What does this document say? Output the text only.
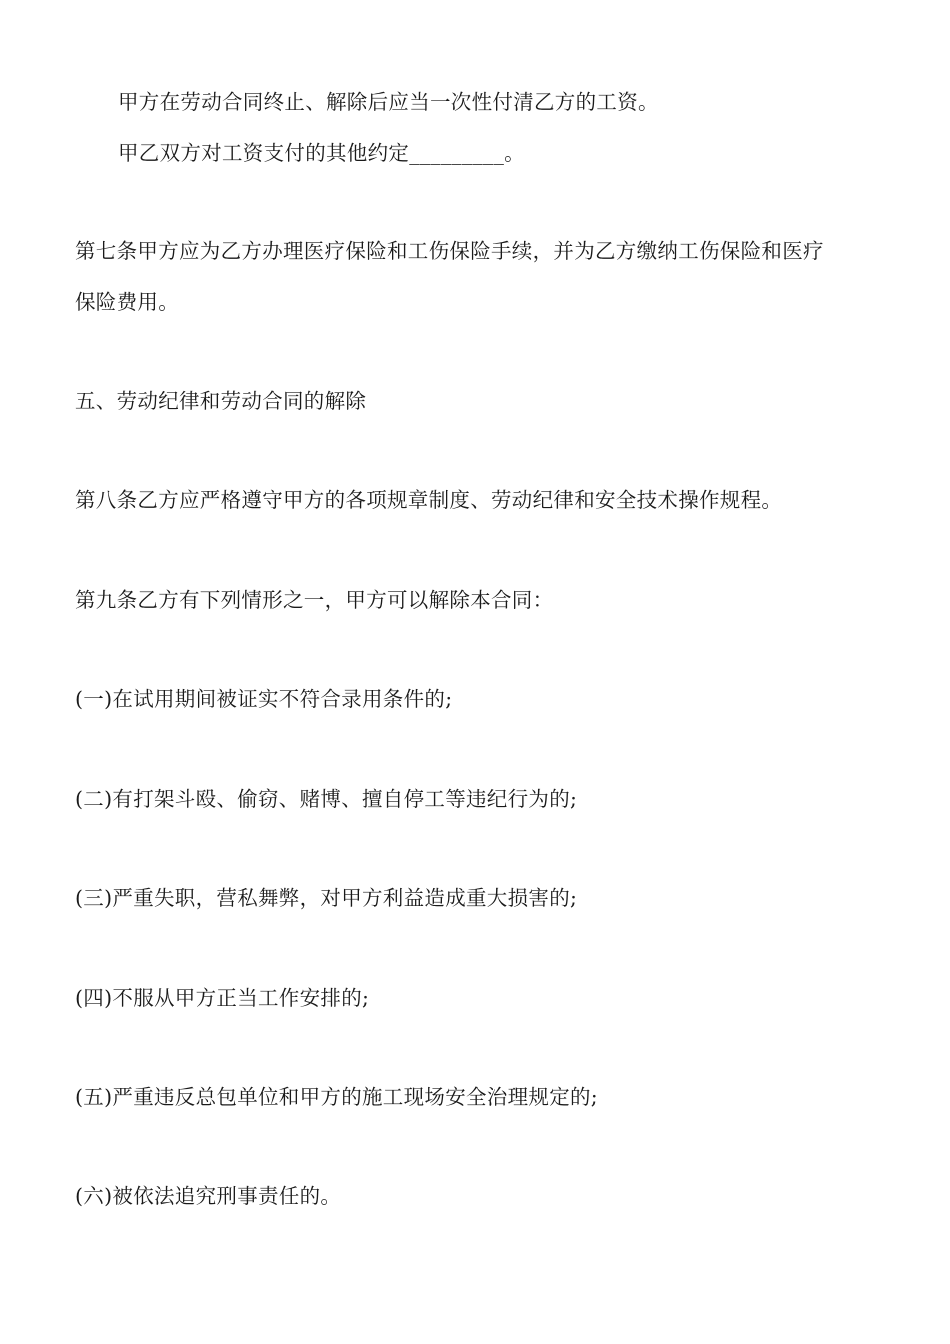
甲方在劳动合同终止、解除后应当一次性付清乙方的工资。
甲乙双方对工资支付的其他约定_________。
第七条甲方应为乙方办理医疗保险和工伤保险手续，并为乙方缴纳工伤保险和医疗
保险费用。
五、劳动纪律和劳动合同的解除
第八条乙方应严格遵守甲方的各项规章制度、劳动纪律和安全技术操作规程。
第九条乙方有下列情形之一，甲方可以解除本合同：
(一)在试用期间被证实不符合录用条件的;
(二)有打架斗殴、偷窃、赌博、擅自停工等违纪行为的;
(三)严重失职，营私舞弊，对甲方利益造成重大损害的;
(四)不服从甲方正当工作安排的;
(五)严重违反总包单位和甲方的施工现场安全治理规定的;
(六)被依法追究刑事责任的。
